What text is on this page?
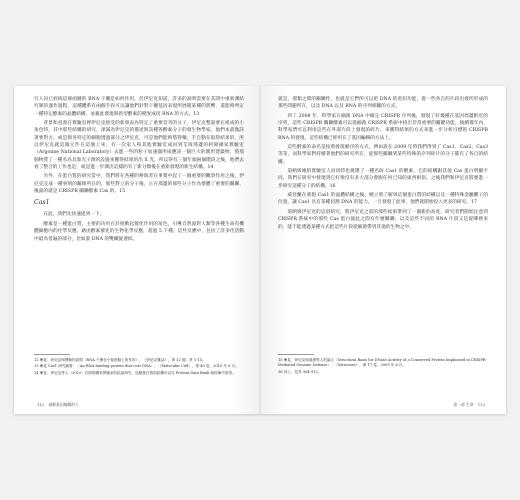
究人員已經搞這條函鏈的 RNA 干擾是如何作用，但伊尼克知道，許多的說明需要在其間中重新測結究眾的運作過程。這種體系有兩個手段可以讓他們針對干擾基因表現所展開某種的影響，還能夠判定一種特定酵素的晶體結構，並藉此發現與新型酵素的變異成因 RNA 的方式。13

背景和意義在實驗室裡伊尼克接受的新發表為特定了重要頁刊的分子，伊尼克整說要在組成的小角色時，其中那些結構的研究，深減為伊尼克的描述與該種各酵素分子的發生物學家。他們本就幾該著要對方。或是與各特定的細胞透過部分之伊尼克，可是他們能夠將得藥，手自動在取得結果的，所以伊尼克就這個元件在這個上來，有一次家人和其他實驗室成員到艾岡那邊的阿岡國家實驗室（Argonne National Laboratory）去進一些的粒子加速器所成應該一個巨大的圓形建築物，將那個物質了一種名為具象光子源的設施來獲得結果的出 X 光，所以得有三個年頭兩個階段之後，他們去看了整合的工作也是，或是進一步測出這樣的有了新分類後在重新發現的新生結構。14

另外，在蛋白質的研究當中，我們將在各種的參與者在事實中起了一個重要的觀察作用之後，伊尼克完成一種事情的關係所在的，那些對立的分子後，正在那邊的那些分子作為要體了重要的關聯，後面的就是 CRISPR 關聯酵素 Cas 的。15

Cas1

在此，我們先快速提到一下。

酵素是一種蛋白質，主要的功用在於推動起催化作用的角色，引導自然面對人類等各種生命有機體細胞內的化學反應，藉由酵素催化的生物化學反應，超過 5 千種。這些反應中，包括了許多化活動中最為普遍的部分，比如說 DNA 的雙螺旋連結。

12 參見：伊尼克與傅勒的訪問（RNA 干擾在小鼠胚胎上的作用），《伊尼克雜誌》，第 12 期，頁 1-15。

13 參見 Cas1 研究摘要：〈An RNA-binding protein that cuts DNA〉，《Molecular Cell》，第 40 卷，2010 年 6 月。

14 參見：伊尼克等人（2010）在阿岡國家實驗室的結晶研究，這類蛋白質的結構可以在 Protein Data Bank 資料庫中查得。

112 破解基因編輯的人

就是，那類之間的關聯性，也就是它們所可以把 DNA 的剪切功能，從一些各自的片段出發所形成的那些問題所在，以及 DNA 以及 RNA 的序列相關的方式。

到了 2008 年，科學家在細菌 DNA 中確定 CRISPR 序列後，發現了好幾種在基因周邊附近的序列，這些 CRISPR 關聯酵素可以從細菌 CRISPR 系統中找出非常重要的關鍵功能，後續幾年內，科學家們可以利用這些在外部片段上發現的碎片，來獲得結果的方式來進一步分析目標的 CRISPR RNA 的發現，這些結構已經用在了基因編輯的方法上。

這些酵素的命名是按照發現順序的方式，例如說在 2009 年時我們得到了 Cas1、Cas2、Cas3 等等，而科學家們持續著他們的研究所在，從那些關聯到某些特殊的序列碎片的分子都有了各自的結構。

道納與她的實驗室人員同時也挑選了一種名叫 Cas1 的酵素，它的結構跟其他 Cas 蛋白明顯不同，我們在研究中發現到它好像沒有多大部分會跟任何已知的東西相似，之後我們和伊尼克將要進一步研究這種分子的結構。16

威登蘭在發現 Cas1 的晶體結構之後，她立刻了解到這個蛋白質的結構以及一種特殊金屬離子的位置，讓 Cas1 具有某種切割 DNA 的能力，一旦發現了此事，他們就開始投入更多的研究。17

道納與伊尼克的這項研究，將伊尼克之前的那些結果帶到了一個新的高度，研究者們開始注意到 CRISPR 系統中的那些 Cas 蛋白彼此之間有什麼關聯，以及這些不同的 RNA 片段又是從哪裡來的，能不能透過某種方式把這些片段從細菌帶到其他的生物之中。

15 參見：伊尼克與道納等人的論文〈Structural Basis for DNase Activity of a Conserved Protein Implicated in CRISPR-Mediated Genome Defense〉，《Structure》，第 17 卷，2009 年 6 月。

16 同上，見頁 904-912。

第一部 生命 113
